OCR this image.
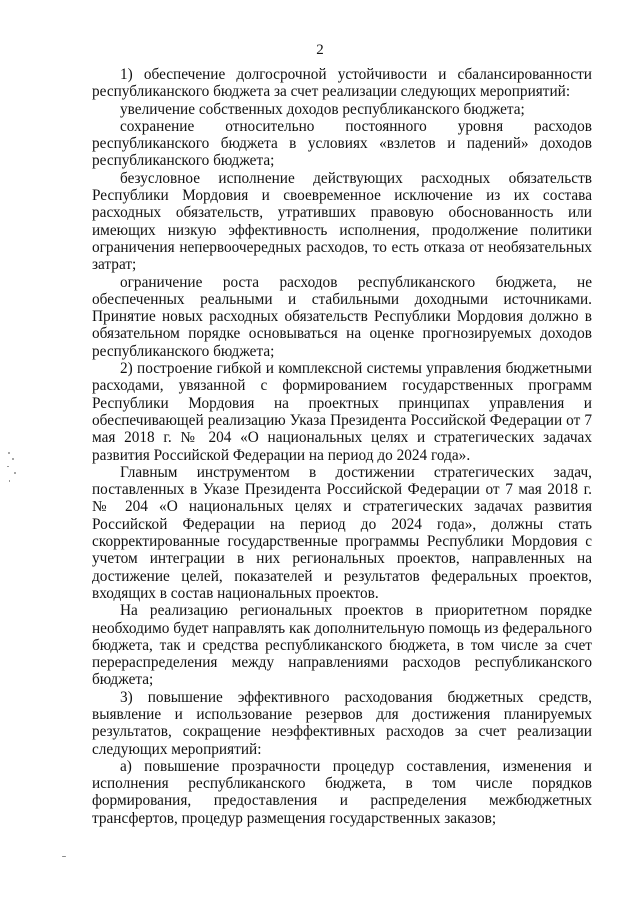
2

1) обеспечение долгосрочной устойчивости и сбалансированности республиканского бюджета за счет реализации следующих мероприятий:

увеличение собственных доходов республиканского бюджета;

сохранение относительно постоянного уровня расходов республиканского бюджета в условиях «взлетов и падений» доходов республиканского бюджета;

безусловное исполнение действующих расходных обязательств Республики Мордовия и своевременное исключение из их состава расходных обязательств, утративших правовую обоснованность или имеющих низкую эффективность исполнения, продолжение политики ограничения непервоочередных расходов, то есть отказа от необязательных затрат;

ограничение роста расходов республиканского бюджета, не обеспеченных реальными и стабильными доходными источниками. Принятие новых расходных обязательств Республики Мордовия должно в обязательном порядке основываться на оценке прогнозируемых доходов республиканского бюджета;

2) построение гибкой и комплексной системы управления бюджетными расходами, увязанной с формированием государственных программ Республики Мордовия на проектных принципах управления и обеспечивающей реализацию Указа Президента Российской Федерации от 7 мая 2018 г. № 204 «О национальных целях и стратегических задачах развития Российской Федерации на период до 2024 года».

Главным инструментом в достижении стратегических задач, поставленных в Указе Президента Российской Федерации от 7 мая 2018 г. № 204 «О национальных целях и стратегических задачах развития Российской Федерации на период до 2024 года», должны стать скорректированные государственные программы Республики Мордовия с учетом интеграции в них региональных проектов, направленных на достижение целей, показателей и результатов федеральных проектов, входящих в состав национальных проектов.

На реализацию региональных проектов в приоритетном порядке необходимо будет направлять как дополнительную помощь из федерального бюджета, так и средства республиканского бюджета, в том числе за счет перераспределения между направлениями расходов республиканского бюджета;

3) повышение эффективного расходования бюджетных средств, выявление и использование резервов для достижения планируемых результатов, сокращение неэффективных расходов за счет реализации следующих мероприятий:

а) повышение прозрачности процедур составления, изменения и исполнения республиканского бюджета, в том числе порядков формирования, предоставления и распределения межбюджетных трансфертов, процедур размещения государственных заказов;
